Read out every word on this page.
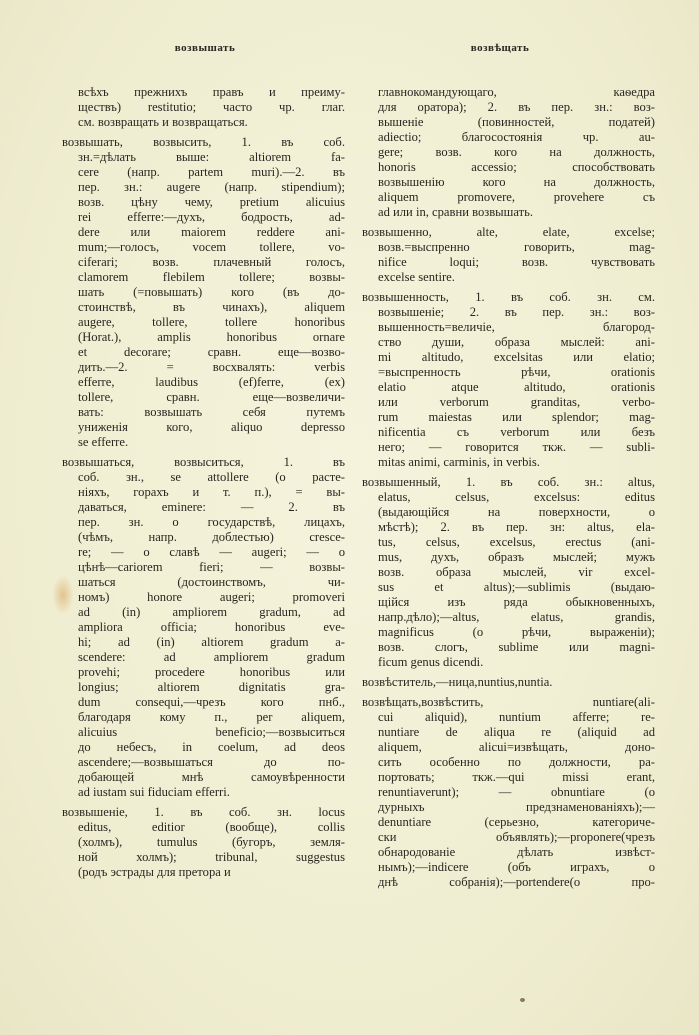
возвышать	возвѣщать
всѣхъ прежнихъ правъ и преиму-
ществъ) restitutio; часто чр. глаг.
см. возвращать и возвращаться.
возвышать, возвысить, 1. въ соб.
зн.=дѣлать выше: altiorem fa-
cere (напр. partem muri).—2. въ
пер. зн.: augere (напр. stipendium);
возв. цѣну чему, pretium alicuius
rei efferre:—духъ, бодрость, ad-
dere или maiorem reddere ani-
mum;—голосъ, vocem tollere, vo-
ciferari; возв. плачевный голосъ,
clamorem flebilem tollere; возвы-
шать (=повышать) кого (въ до-
стоинствѣ, въ чинахъ), aliquem
augere, tollere, tollere honoribus
(Horat.), amplis honoribus ornare
et decorare; сравн. еще—возво-
дить.—2. = восхвалять: verbis
efferre, laudibus (ef)ferre, (ex)
tollere, сравн. еще—возвеличи-
вать: возвышать себя путемъ
униженія кого, aliquo depresso
se efferre.
возвышаться, возвыситься, 1. въ
соб. зн., se attollere (о расте-
ніяхъ, горахъ и т. п.), = вы-
даваться, eminere: — 2. въ
пер. зн. о государствѣ, лицахъ,
(чѣмъ, напр. доблестью) cresce-
re; — о славѣ — augeri; — о
цѣнѣ—cariorem fieri; — возвы-
шаться (достоинствомъ, чи-
номъ) honore augeri; promoveri
ad (in) ampliorem gradum, ad
ampliora officia; honoribus eve-
hi; ad (in) altiorem gradum a-
scendere: ad ampliorem gradum
provehi; procedere honoribus или
longius; altiorem dignitatis gra-
dum consequi,—чрезъ кого пнб.,
благодаря кому п., per aliquem,
alicuius beneficio;—возвыситься
до небесъ, in coelum, ad deos
ascendere;—возвышаться до по-
добающей мнѣ самоувѣренности
ad iustam sui fiduciam efferri.
возвышеніе, 1. въ соб. зн. locus
editus, editior (вообще), collis
(холмъ), tumulus (бугоръ, земля-
ной холмъ); tribunal, suggestus
(родъ эстрады для претора и
главнокомандующаго, каѳедра
для оратора); 2. въ пер. зн.: воз-
вышеніе (повинностей, податей)
adiectio; благосостоянія чр. au-
gere; возв. кого на должность,
honoris accessio; способствовать
возвышенію кого на должность,
aliquem promovere, provehere съ
ad или in, сравни возвышать.
возвышенно, alte, elate, excelse;
возв.=выспренно говорить, mag-
nifice loqui; возв. чувствовать
excelse sentire.
возвышенность, 1. въ соб. зн. см.
возвышеніе; 2. въ пер. зн.: воз-
вышенность=величіе, благород-
ство души, образа мыслей: ani-
mi altitudo, excelsitas или elatio;
=выспренность рѣчи, orationis
elatio atque altitudo, orationis
или verborum granditas, verbo-
rum maiestas или splendor; mag-
nificentia съ verborum или безъ
него; — говорится ткж. — subli-
mitas animi, carminis, in verbis.
возвышенный, 1. въ соб. зн.: altus,
elatus, celsus, excelsus: editus
(выдающійся на поверхности, о
мѣстѣ); 2. въ пер. зн: altus, ela-
tus, celsus, excelsus, erectus (ani-
mus, духъ, образъ мыслей; мужъ
возв. образа мыслей, vir excel-
sus et altus);—sublimis (выдаю-
щійся изъ ряда обыкновенныхъ,
напр.дѣло);—altus, elatus, grandis,
magnificus (о рѣчи, выраженіи);
возв. слогъ, sublime или magni-
ficum genus dicendi.
возвѣститель,—ница,nuntius,nuntia.
возвѣщать,возвѣстить, nuntiare(ali-
cui aliquid), nuntium afferre; re-
nuntiare de aliqua re (aliquid ad
aliquem, alicui=извѣщать, доно-
сить особенно по должности, ра-
портовать; ткж.—qui missi erant,
renuntiaverunt); — obnuntiare (о
дурныхъ предзнаменованіяхъ);—
denuntiare (серьезно, категориче-
ски объявлять);—proponere(чрезъ
обнародованіе дѣлать извѣст-
нымъ);—indicere (объ играхъ, о
днѣ собранія);—portendere(о про-
